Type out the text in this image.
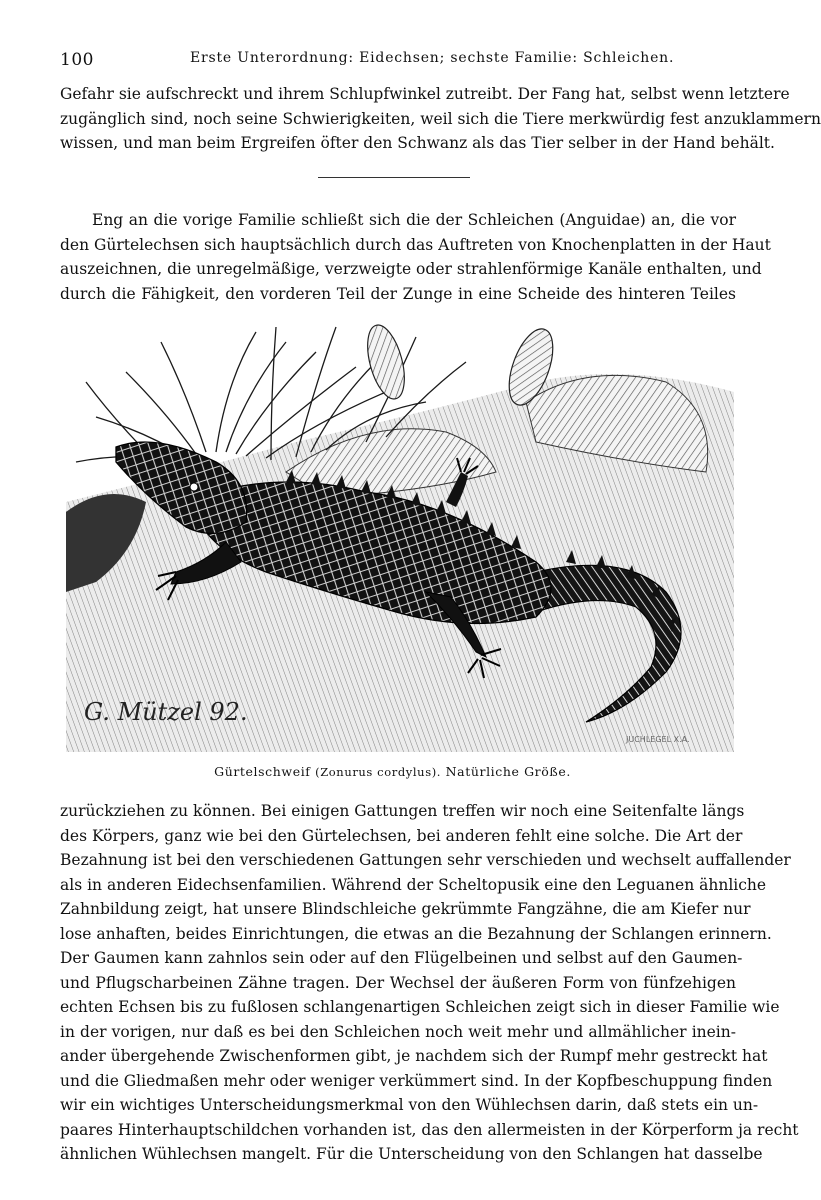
100	Erste Unterordnung: Eidechsen; sechste Familie: Schleichen.
Gefahr sie aufschreckt und ihrem Schlupfwinkel zutreibt. Der Fang hat, selbst wenn letztere
zugänglich sind, noch seine Schwierigkeiten, weil sich die Tiere merkwürdig fest anzuklammern
wissen, und man beim Ergreifen öfter den Schwanz als das Tier selber in der Hand behält.
Eng an die vorige Familie schließt sich die der Schleichen (Anguidae) an, die vor
den Gürtelechsen sich hauptsächlich durch das Auftreten von Knochenplatten in der Haut
auszeichnen, die unregelmäßige, verzweigte oder strahlenförmige Kanäle enthalten, und
durch die Fähigkeit, den vorderen Teil der Zunge in eine Scheide des hinteren Teiles
G. Mützel 92.
JUCHLEGEL X.A.
Gürtelschweif (Zonurus cordylus). Natürliche Größe.
zurückziehen zu können. Bei einigen Gattungen treffen wir noch eine Seitenfalte längs
des Körpers, ganz wie bei den Gürtelechsen, bei anderen fehlt eine solche. Die Art der
Bezahnung ist bei den verschiedenen Gattungen sehr verschieden und wechselt auffallender
als in anderen Eidechsenfamilien. Während der Scheltopusik eine den Leguanen ähnliche
Zahnbildung zeigt, hat unsere Blindschleiche gekrümmte Fangzähne, die am Kiefer nur
lose anhaften, beides Einrichtungen, die etwas an die Bezahnung der Schlangen erinnern.
Der Gaumen kann zahnlos sein oder auf den Flügelbeinen und selbst auf den Gaumen-
und Pflugscharbeinen Zähne tragen. Der Wechsel der äußeren Form von fünfzehigen
echten Echsen bis zu fußlosen schlangenartigen Schleichen zeigt sich in dieser Familie wie
in der vorigen, nur daß es bei den Schleichen noch weit mehr und allmählicher inein-
ander übergehende Zwischenformen gibt, je nachdem sich der Rumpf mehr gestreckt hat
und die Gliedmaßen mehr oder weniger verkümmert sind. In der Kopfbeschuppung finden
wir ein wichtiges Unterscheidungsmerkmal von den Wühlechsen darin, daß stets ein un-
paares Hinterhauptschildchen vorhanden ist, das den allermeisten in der Körperform ja recht
ähnlichen Wühlechsen mangelt. Für die Unterscheidung von den Schlangen hat dasselbe
